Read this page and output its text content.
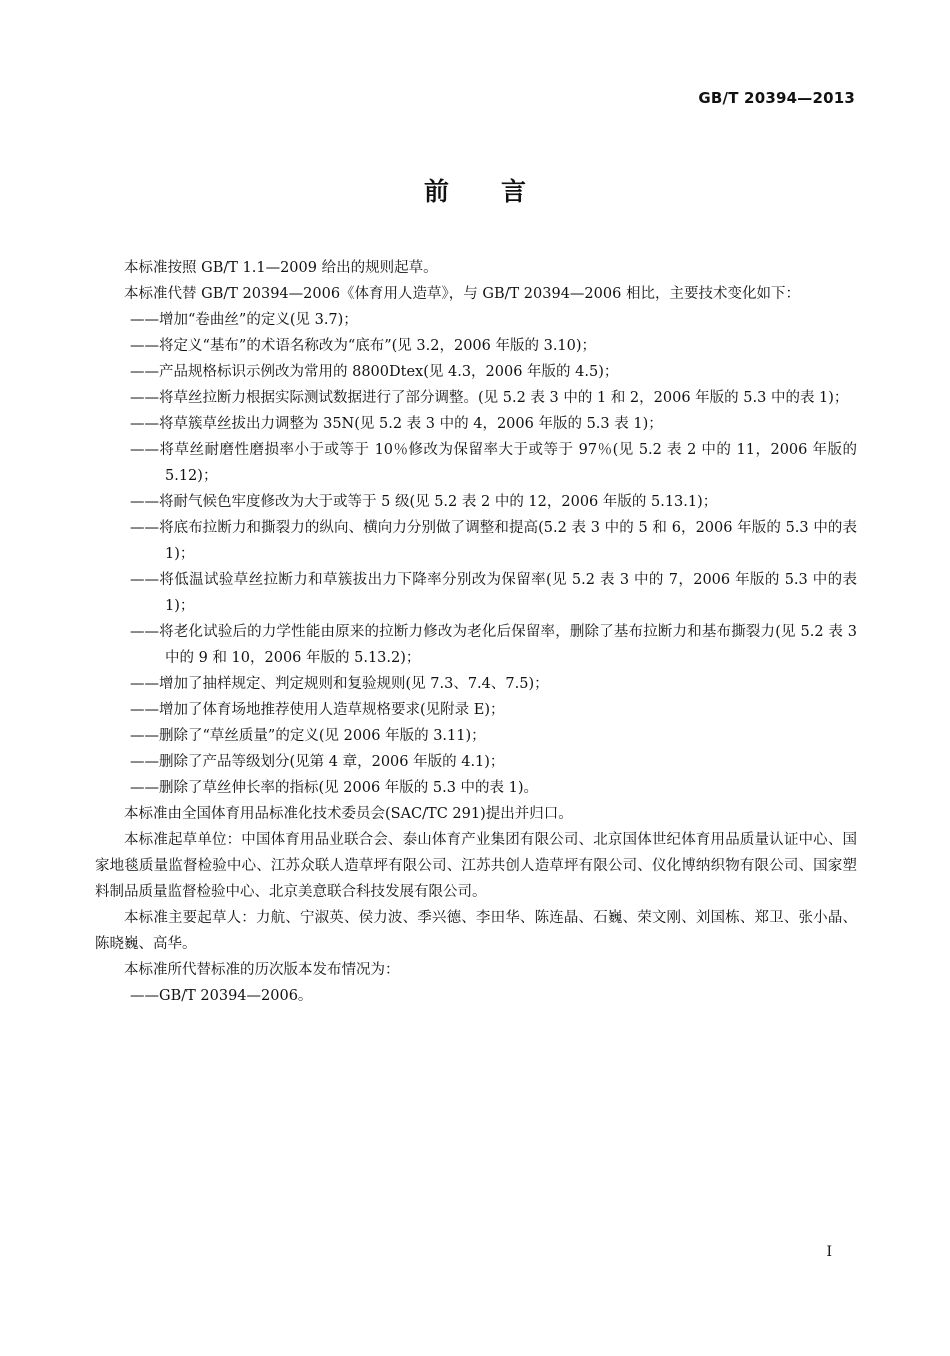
GB/T 20394—2013
前言

本标准按照 GB/T 1.1—2009 给出的规则起草。

本标准代替 GB/T 20394—2006《体育用人造草》，与 GB/T 20394—2006 相比，主要技术变化如下：

——增加“卷曲丝”的定义(见 3.7)；

——将定义“基布”的术语名称改为“底布”(见 3.2，2006 年版的 3.10)；

——产品规格标识示例改为常用的 8800Dtex(见 4.3，2006 年版的 4.5)；

——将草丝拉断力根据实际测试数据进行了部分调整。(见 5.2 表 3 中的 1 和 2，2006 年版的 5.3 中的表 1)；

——将草簇草丝拔出力调整为 35N(见 5.2 表 3 中的 4，2006 年版的 5.3 表 1)；

——将草丝耐磨性磨损率小于或等于 10％修改为保留率大于或等于 97％(见 5.2 表 2 中的 11，2006 年版的 5.12)；

——将耐气候色牢度修改为大于或等于 5 级(见 5.2 表 2 中的 12，2006 年版的 5.13.1)；

——将底布拉断力和撕裂力的纵向、横向力分别做了调整和提高(5.2 表 3 中的 5 和 6，2006 年版的 5.3 中的表 1)；

——将低温试验草丝拉断力和草簇拔出力下降率分别改为保留率(见 5.2 表 3 中的 7，2006 年版的 5.3 中的表 1)；

——将老化试验后的力学性能由原来的拉断力修改为老化后保留率，删除了基布拉断力和基布撕裂力(见 5.2 表 3 中的 9 和 10，2006 年版的 5.13.2)；

——增加了抽样规定、判定规则和复验规则(见 7.3、7.4、7.5)；

——增加了体育场地推荐使用人造草规格要求(见附录 E)；

——删除了“草丝质量”的定义(见 2006 年版的 3.11)；

——删除了产品等级划分(见第 4 章，2006 年版的 4.1)；

——删除了草丝伸长率的指标(见 2006 年版的 5.3 中的表 1)。

本标准由全国体育用品标准化技术委员会(SAC/TC 291)提出并归口。

本标准起草单位：中国体育用品业联合会、泰山体育产业集团有限公司、北京国体世纪体育用品质量认证中心、国家地毯质量监督检验中心、江苏众联人造草坪有限公司、江苏共创人造草坪有限公司、仪化博纳织物有限公司、国家塑料制品质量监督检验中心、北京美意联合科技发展有限公司。

本标准主要起草人：力航、宁淑英、侯力波、季兴德、李田华、陈连晶、石巍、荣文刚、刘国栋、郑卫、张小晶、陈晓巍、高华。

本标准所代替标准的历次版本发布情况为：

——GB/T 20394—2006。

I
